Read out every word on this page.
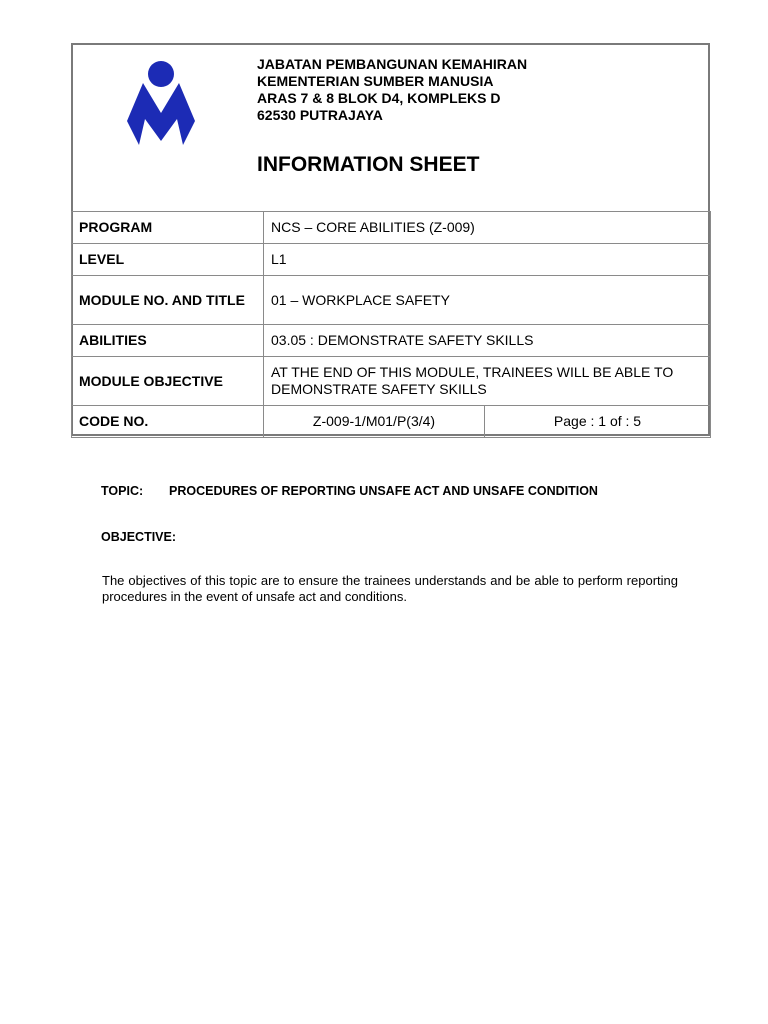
JABATAN PEMBANGUNAN KEMAHIRAN
KEMENTERIAN SUMBER MANUSIA
ARAS 7 & 8 BLOK D4, KOMPLEKS D
62530 PUTRAJAYA
INFORMATION SHEET
PROGRAM	NCS – CORE ABILITIES (Z-009)	
LEVEL	L1	
MODULE NO. AND TITLE	01 – WORKPLACE SAFETY	
ABILITIES	03.05 : DEMONSTRATE SAFETY SKILLS	
MODULE OBJECTIVE	AT THE END OF THIS MODULE, TRAINEES WILL BE ABLE TO DEMONSTRATE SAFETY SKILLS	
CODE NO.	Z-009-1/M01/P(3/4)	Page : 1 of : 5
TOPIC: PROCEDURES OF REPORTING UNSAFE ACT AND UNSAFE CONDITION
OBJECTIVE:
The objectives of this topic are to ensure the trainees understands and be able to perform reporting procedures in the event of unsafe act and conditions.
